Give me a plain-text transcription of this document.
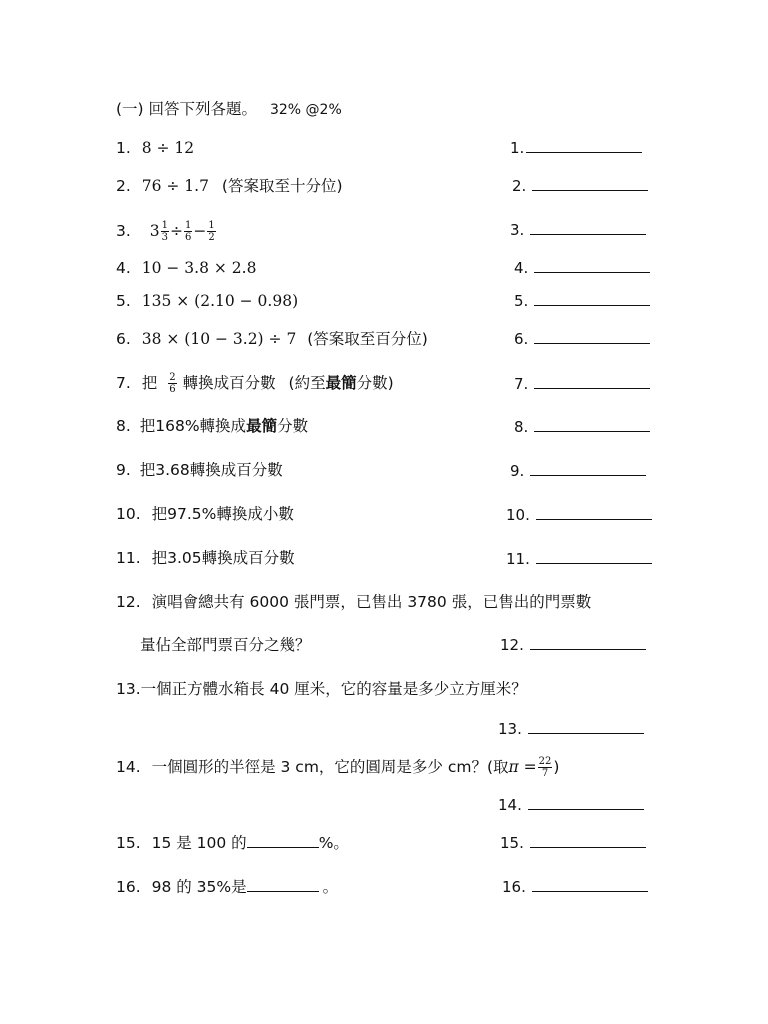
(一) 回答下列各題。 32% @2%
1. 8 ÷ 12	1.
2. 76 ÷ 1.7 (答案取至十分位)	2.
3. $3 \frac{1}{3} \div \frac{1}{6} - \frac{1}{2}$	3.
4. 10 − 3.8 × 2.8	4.
5. 135 × (2.10 − 0.98)	5.
6. 38 × (10 − 3.2) ÷ 7 (答案取至百分位)	6.
7. 把 $\frac{2}{6}$ 轉換成百分數 (約至最簡分數)	7.
8. 把168%轉換成最簡分數	8.
9. 把3.68轉換成百分數	9.
10. 把97.5%轉換成小數	10.
11. 把3.05轉換成百分數	11.
12. 演唱會總共有 6000 張門票，已售出 3780 張，已售出的門票數
量佔全部門票百分之幾？	12.
13.一個正方體水箱長 40 厘米，它的容量是多少立方厘米？
13.
14. 一個圓形的半徑是 3 cm，它的圓周是多少 cm？(取$\pi = \frac{22}{7}$ )
14.
15. 15 是 100 的	%。	15.
16. 98 的 35%是	。	16.
